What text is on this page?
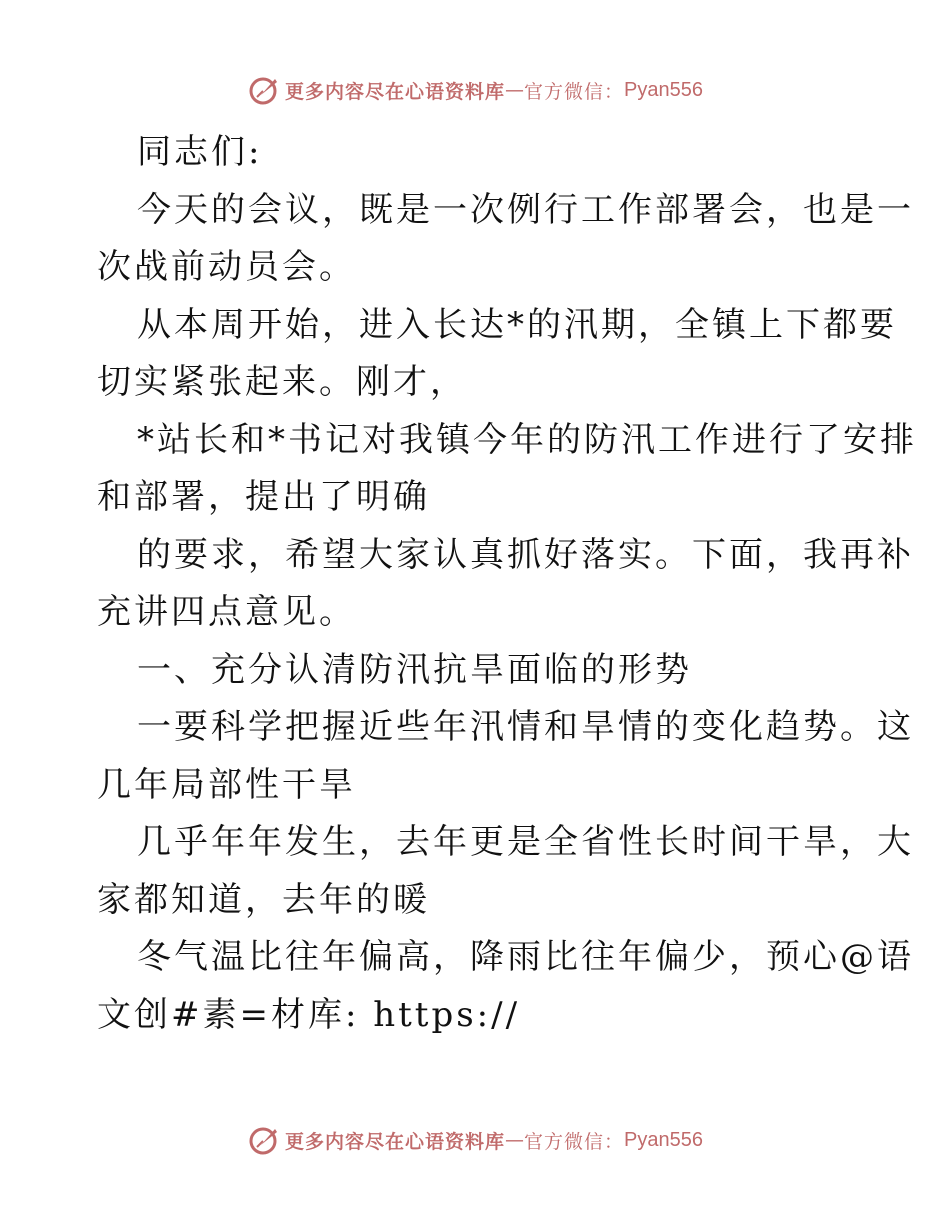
更多内容尽在心语资料库 — 官方微信： Pyan556
同志们:
今天的会议，既是一次例行工作部署会，也是一
次战前动员会。
从本周开始，进入长达*的汛期，全镇上下都要
切实紧张起来。刚才，
*站长和*书记对我镇今年的防汛工作进行了安排
和部署，提出了明确
的要求，希望大家认真抓好落实。下面，我再补
充讲四点意见。
一、充分认清防汛抗旱面临的形势
一要科学把握近些年汛情和旱情的变化趋势。这
几年局部性干旱
几乎年年发生，去年更是全省性长时间干旱，大
家都知道，去年的暖
冬气温比往年偏高，降雨比往年偏少，预心@语
文创#素=材库: https://
更多内容尽在心语资料库 — 官方微信： Pyan556
